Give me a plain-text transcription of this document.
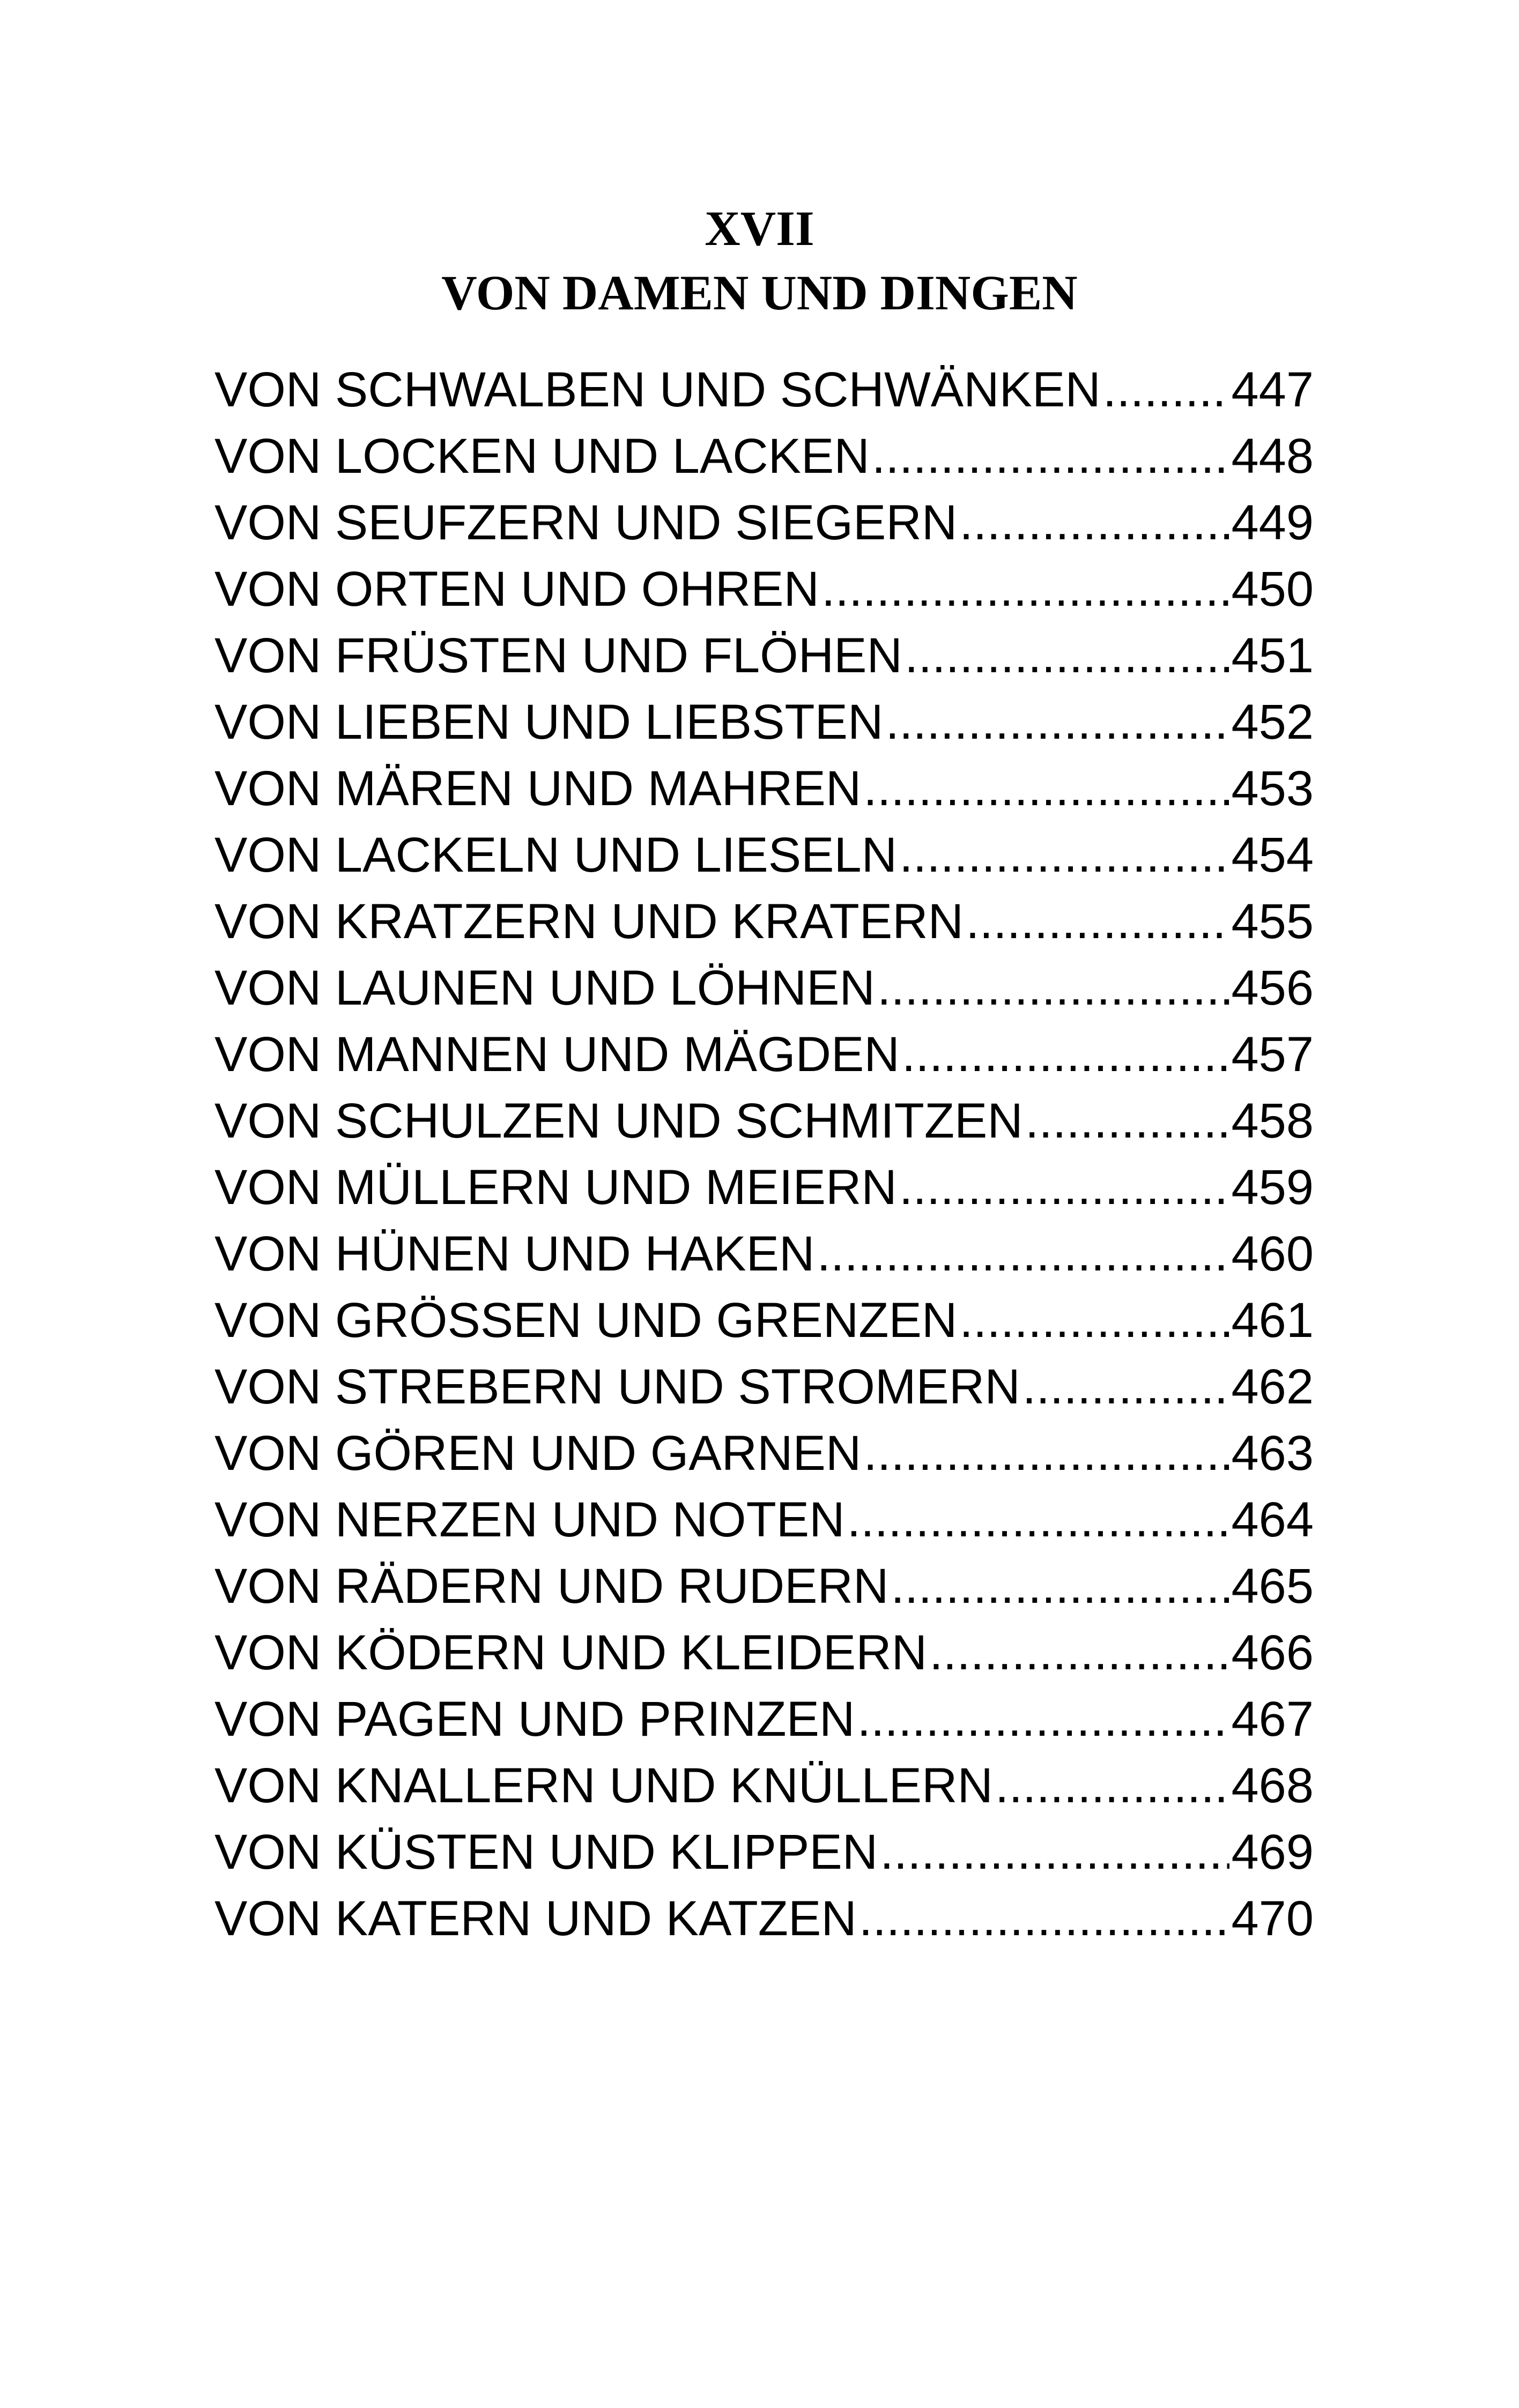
XVII
VON DAMEN UND DINGEN
VON SCHWALBEN UND SCHWÄNKEN .....	447
VON LOCKEN UND LACKEN .....	448
VON SEUFZERN UND SIEGERN .....	449
VON ORTEN UND OHREN .....	450
VON FRÜSTEN UND FLÖHEN .....	451
VON LIEBEN UND LIEBSTEN .....	452
VON MÄREN UND MAHREN .....	453
VON LACKELN UND LIESELN .....	454
VON KRATZERN UND KRATERN .....	455
VON LAUNEN UND LÖHNEN .....	456
VON MANNEN UND MÄGDEN .....	457
VON SCHULZEN UND SCHMITZEN .....	458
VON MÜLLERN UND MEIERN .....	459
VON HÜNEN UND HAKEN .....	460
VON GRÖSSEN UND GRENZEN .....	461
VON STREBERN UND STROMERN .....	462
VON GÖREN UND GARNEN .....	463
VON NERZEN UND NOTEN .....	464
VON RÄDERN UND RUDERN .....	465
VON KÖDERN UND KLEIDERN .....	466
VON PAGEN UND PRINZEN .....	467
VON KNALLERN UND KNÜLLERN .....	468
VON KÜSTEN UND KLIPPEN .....	469
VON KATERN UND KATZEN .....	470
